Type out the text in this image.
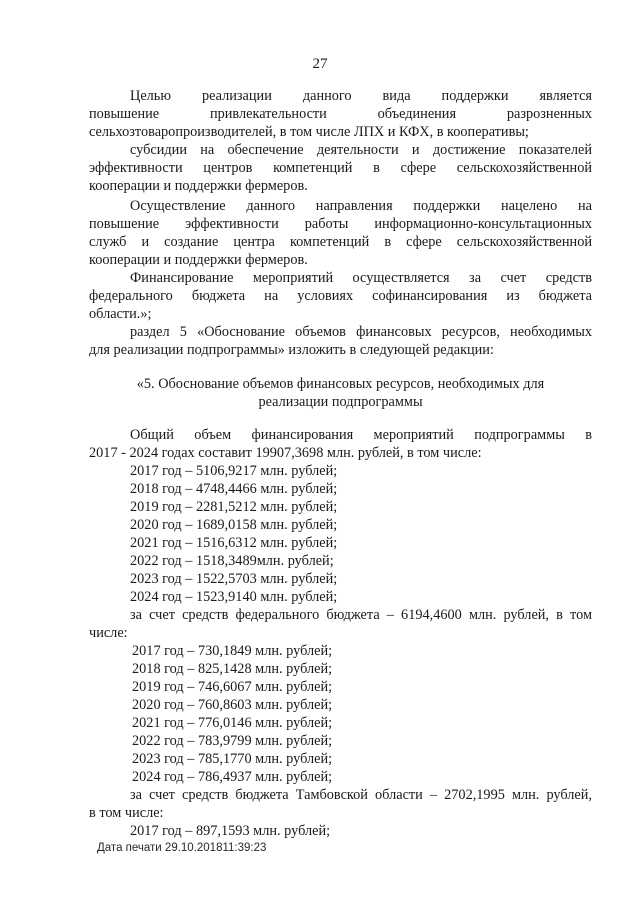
27
Целью реализации данного вида поддержки является
повышение привлекательности объединения разрозненных
сельхозтоваропроизводителей, в том числе ЛПХ и КФХ, в кооперативы;
субсидии на обеспечение деятельности и достижение показателей
эффективности центров компетенций в сфере сельскохозяйственной
кооперации и поддержки фермеров.
Осуществление данного направления поддержки нацелено на
повышение эффективности работы информационно-консультационных
служб и создание центра компетенций в сфере сельскохозяйственной
кооперации и поддержки фермеров.
Финансирование мероприятий осуществляется за счет средств
федерального бюджета на условиях софинансирования из бюджета
области.»;
раздел 5 «Обоснование объемов финансовых ресурсов, необходимых
для реализации подпрограммы» изложить в следующей редакции:
«5. Обоснование объемов финансовых ресурсов, необходимых для
реализации подпрограммы
Общий объем финансирования мероприятий подпрограммы в
2017 - 2024 годах составит 19907,3698 млн. рублей, в том числе:
2017 год – 5106,9217 млн. рублей;
2018 год – 4748,4466 млн. рублей;
2019 год – 2281,5212 млн. рублей;
2020 год – 1689,0158 млн. рублей;
2021 год – 1516,6312 млн. рублей;
2022 год – 1518,3489млн. рублей;
2023 год – 1522,5703 млн. рублей;
2024 год – 1523,9140 млн. рублей;
за счет средств федерального бюджета – 6194,4600 млн. рублей, в том
числе:
2017 год – 730,1849 млн. рублей;
2018 год – 825,1428 млн. рублей;
2019 год – 746,6067 млн. рублей;
2020 год – 760,8603 млн. рублей;
2021 год – 776,0146 млн. рублей;
2022 год – 783,9799 млн. рублей;
2023 год – 785,1770 млн. рублей;
2024 год – 786,4937 млн. рублей;
за счет средств бюджета Тамбовской области – 2702,1995 млн. рублей,
в том числе:
2017 год – 897,1593 млн. рублей;
Дата печати 29.10.201811:39:23
